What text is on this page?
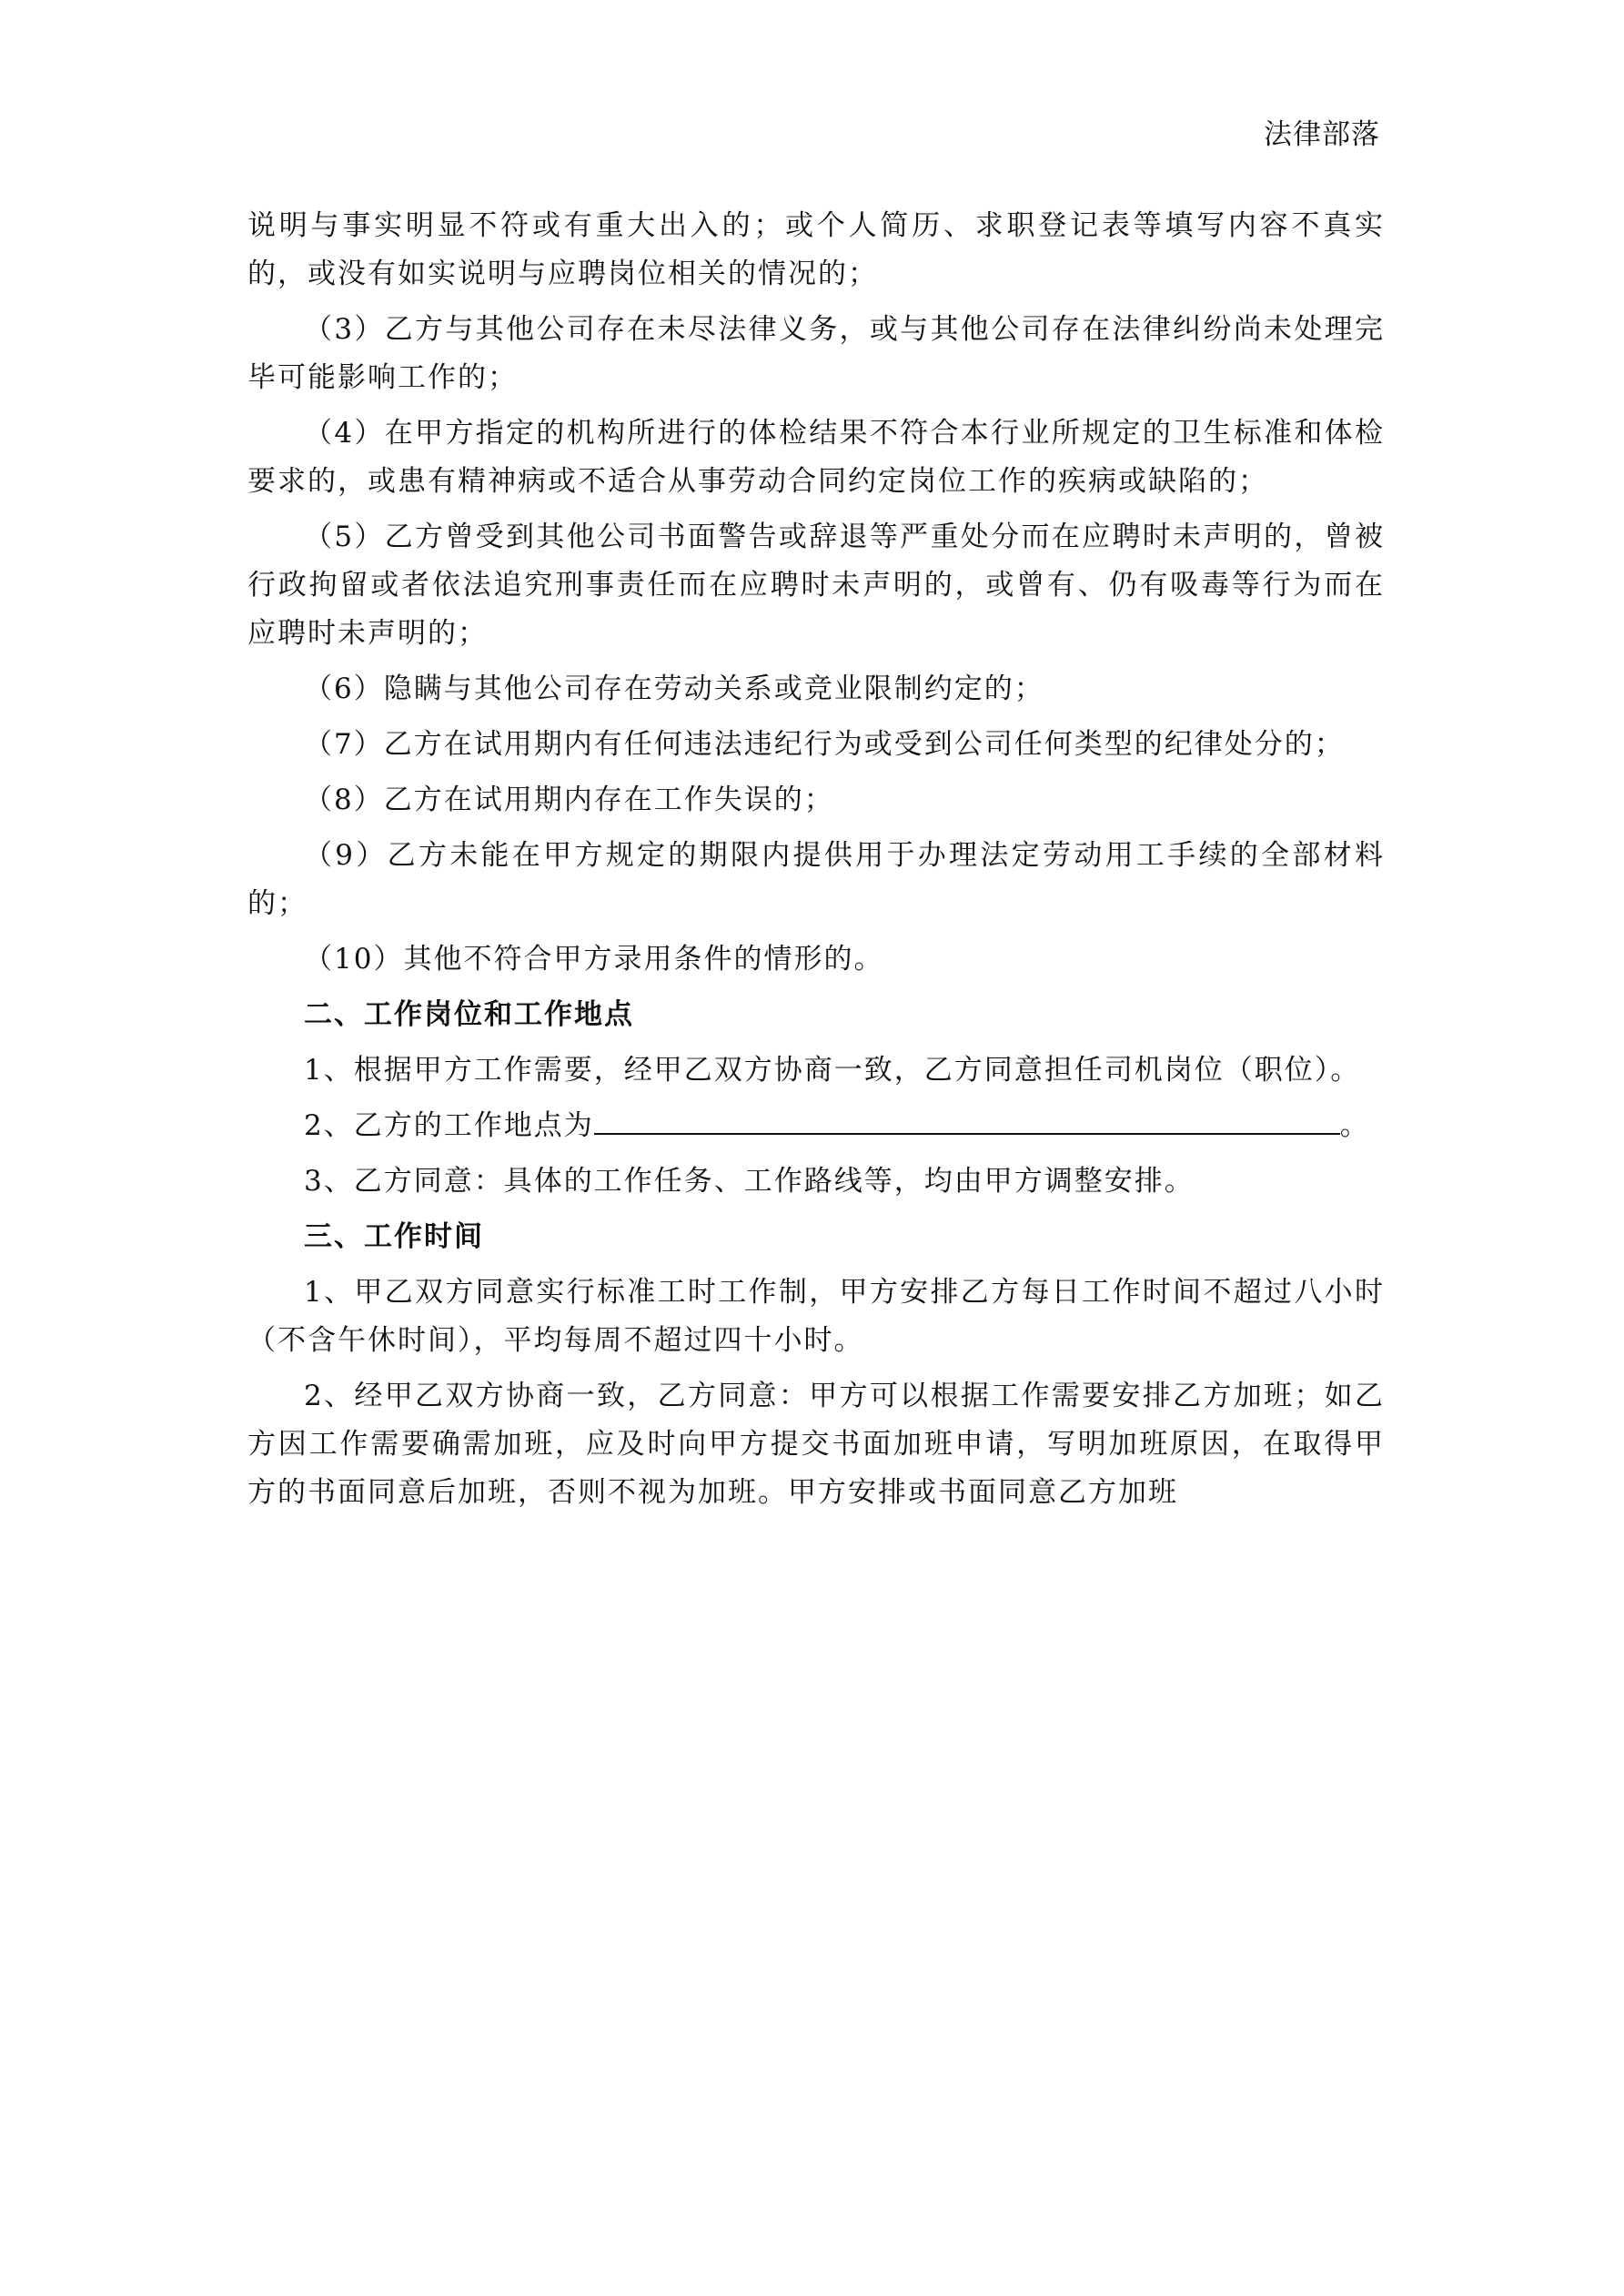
法律部落

说明与事实明显不符或有重大出入的；或个人简历、求职登记表等填写内容不真实的，或没有如实说明与应聘岗位相关的情况的；

（3）乙方与其他公司存在未尽法律义务，或与其他公司存在法律纠纷尚未处理完毕可能影响工作的；

（4）在甲方指定的机构所进行的体检结果不符合本行业所规定的卫生标准和体检要求的，或患有精神病或不适合从事劳动合同约定岗位工作的疾病或缺陷的；

（5）乙方曾受到其他公司书面警告或辞退等严重处分而在应聘时未声明的，曾被行政拘留或者依法追究刑事责任而在应聘时未声明的，或曾有、仍有吸毒等行为而在应聘时未声明的；

（6）隐瞒与其他公司存在劳动关系或竞业限制约定的；

（7）乙方在试用期内有任何违法违纪行为或受到公司任何类型的纪律处分的；

（8）乙方在试用期内存在工作失误的；

（9）乙方未能在甲方规定的期限内提供用于办理法定劳动用工手续的全部材料的；

（10）其他不符合甲方录用条件的情形的。

二、工作岗位和工作地点

1、根据甲方工作需要，经甲乙双方协商一致，乙方同意担任司机岗位（职位）。

2、乙方的工作地点为	。

3、乙方同意：具体的工作任务、工作路线等，均由甲方调整安排。

三、工作时间

1、甲乙双方同意实行标准工时工作制，甲方安排乙方每日工作时间不超过八小时（不含午休时间），平均每周不超过四十小时。

2、经甲乙双方协商一致，乙方同意：甲方可以根据工作需要安排乙方加班；如乙方因工作需要确需加班，应及时向甲方提交书面加班申请，写明加班原因，在取得甲方的书面同意后加班，否则不视为加班。甲方安排或书面同意乙方加班
